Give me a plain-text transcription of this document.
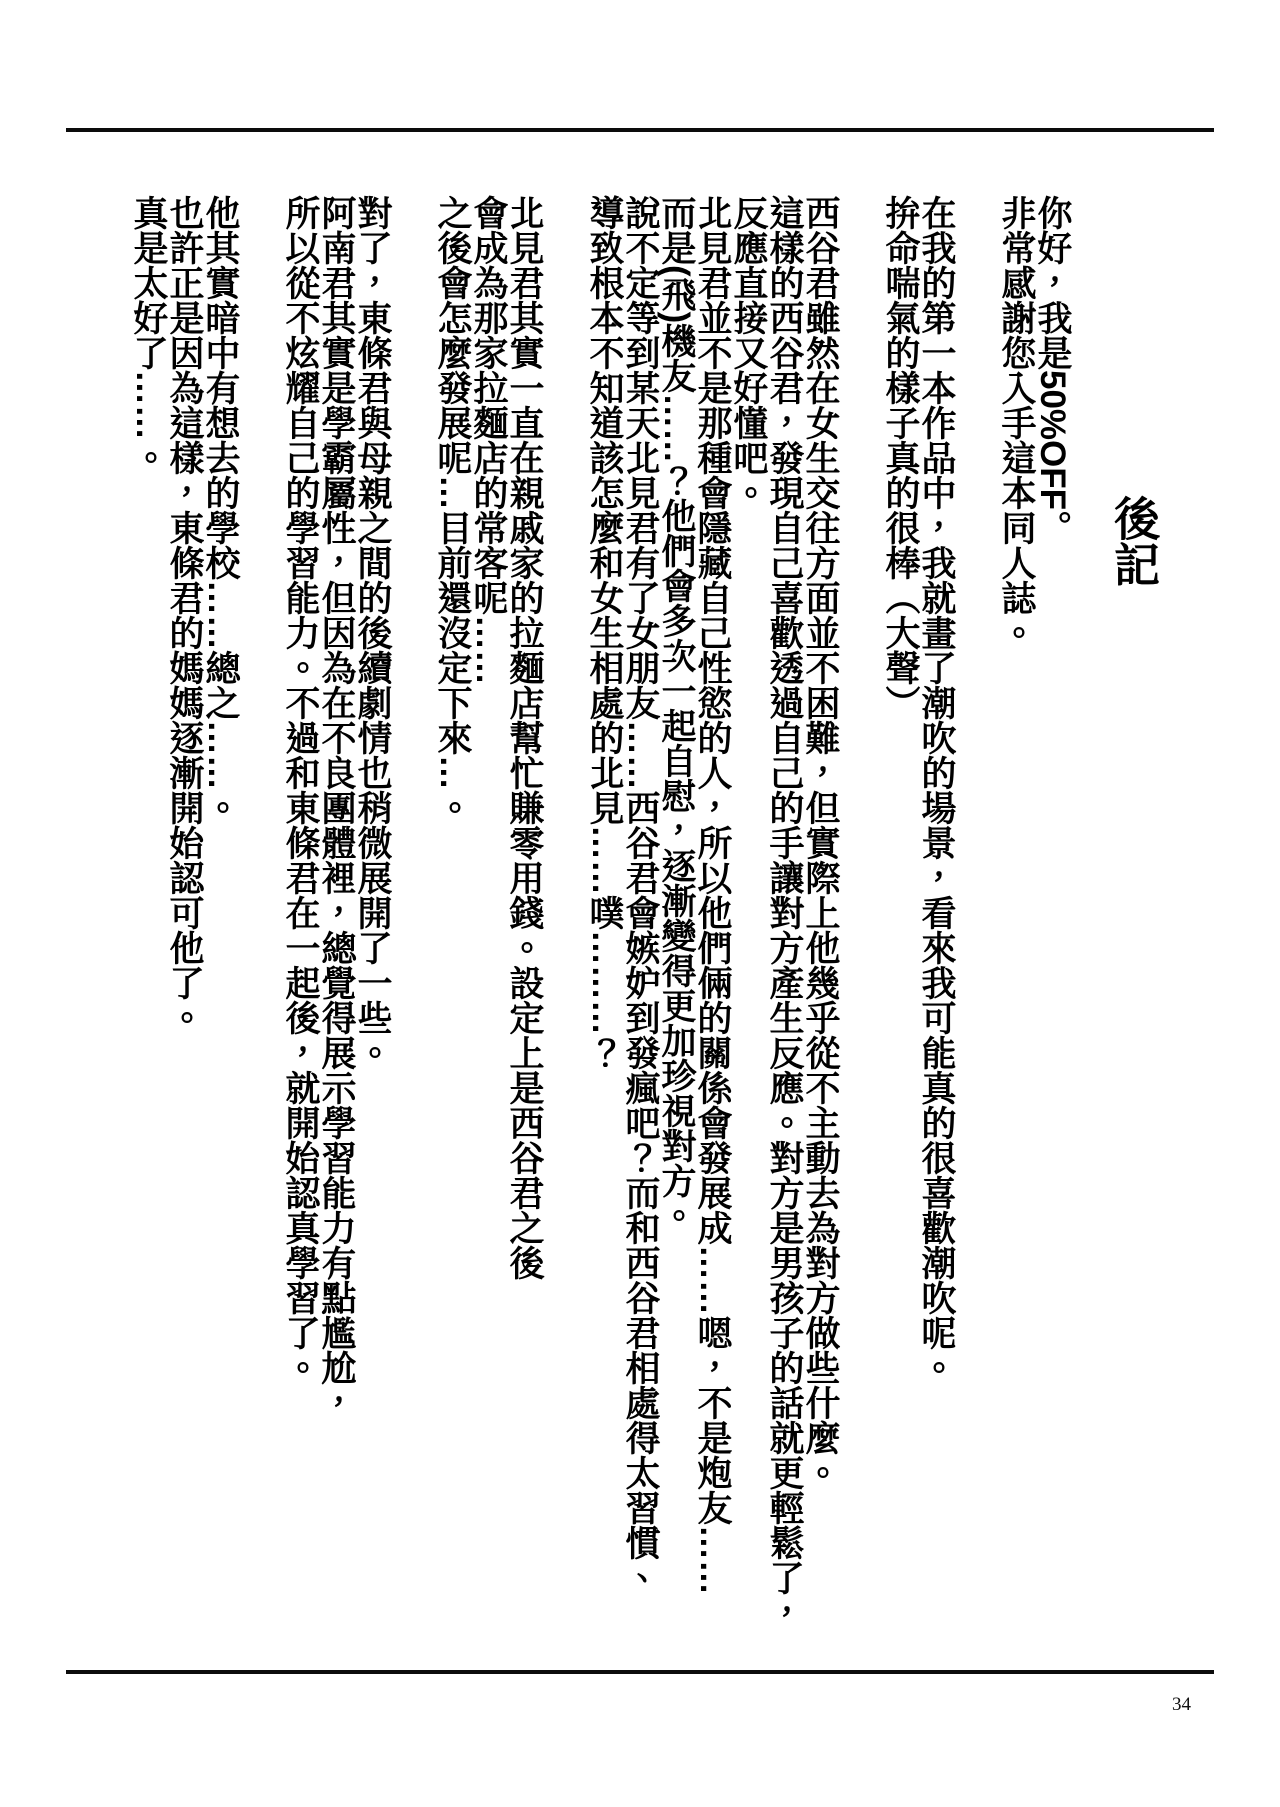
後記
你好，我是50%OFF。
非常感謝您入手這本同人誌。
在我的第一本作品中，我就畫了潮吹的場景，看來我可能真的很喜歡潮吹呢。
拚命喘氣的樣子真的很棒（大聲）
西谷君雖然在女生交往方面並不困難，但實際上他幾乎從不主動去為對方做些什麼。
這樣的西谷君，發現自己喜歡透過自己的手讓對方產生反應。對方是男孩子的話就更輕鬆了，
反應直接又好懂吧。
北見君並不是那種會隱藏自己性慾的人，所以他們倆的關係會發展成……嗯，不是炮友……
而是(飛)機友……？他們會多次一起自慰，逐漸變得更加珍視對方。
說不定等到某天北見君有了女朋友……西谷君會嫉妒到發瘋吧？而和西谷君相處得太習慣、
導致根本不知道該怎麼和女生相處的北見……噗………？
北見君其實一直在親戚家的拉麵店幫忙賺零用錢。設定上是西谷君之後
會成為那家拉麵店的常客呢……
之後會怎麼發展呢…目前還沒定下來…。
對了，東條君與母親之間的後續劇情也稍微展開了一些。
阿南君其實是學霸屬性，但因為在不良團體裡，總覺得展示學習能力有點尷尬，
所以從不炫耀自己的學習能力。不過和東條君在一起後，就開始認真學習了。
他其實暗中有想去的學校……總之……。
也許正是因為這樣，東條君的媽媽逐漸開始認可他了。
真是太好了……。
34
